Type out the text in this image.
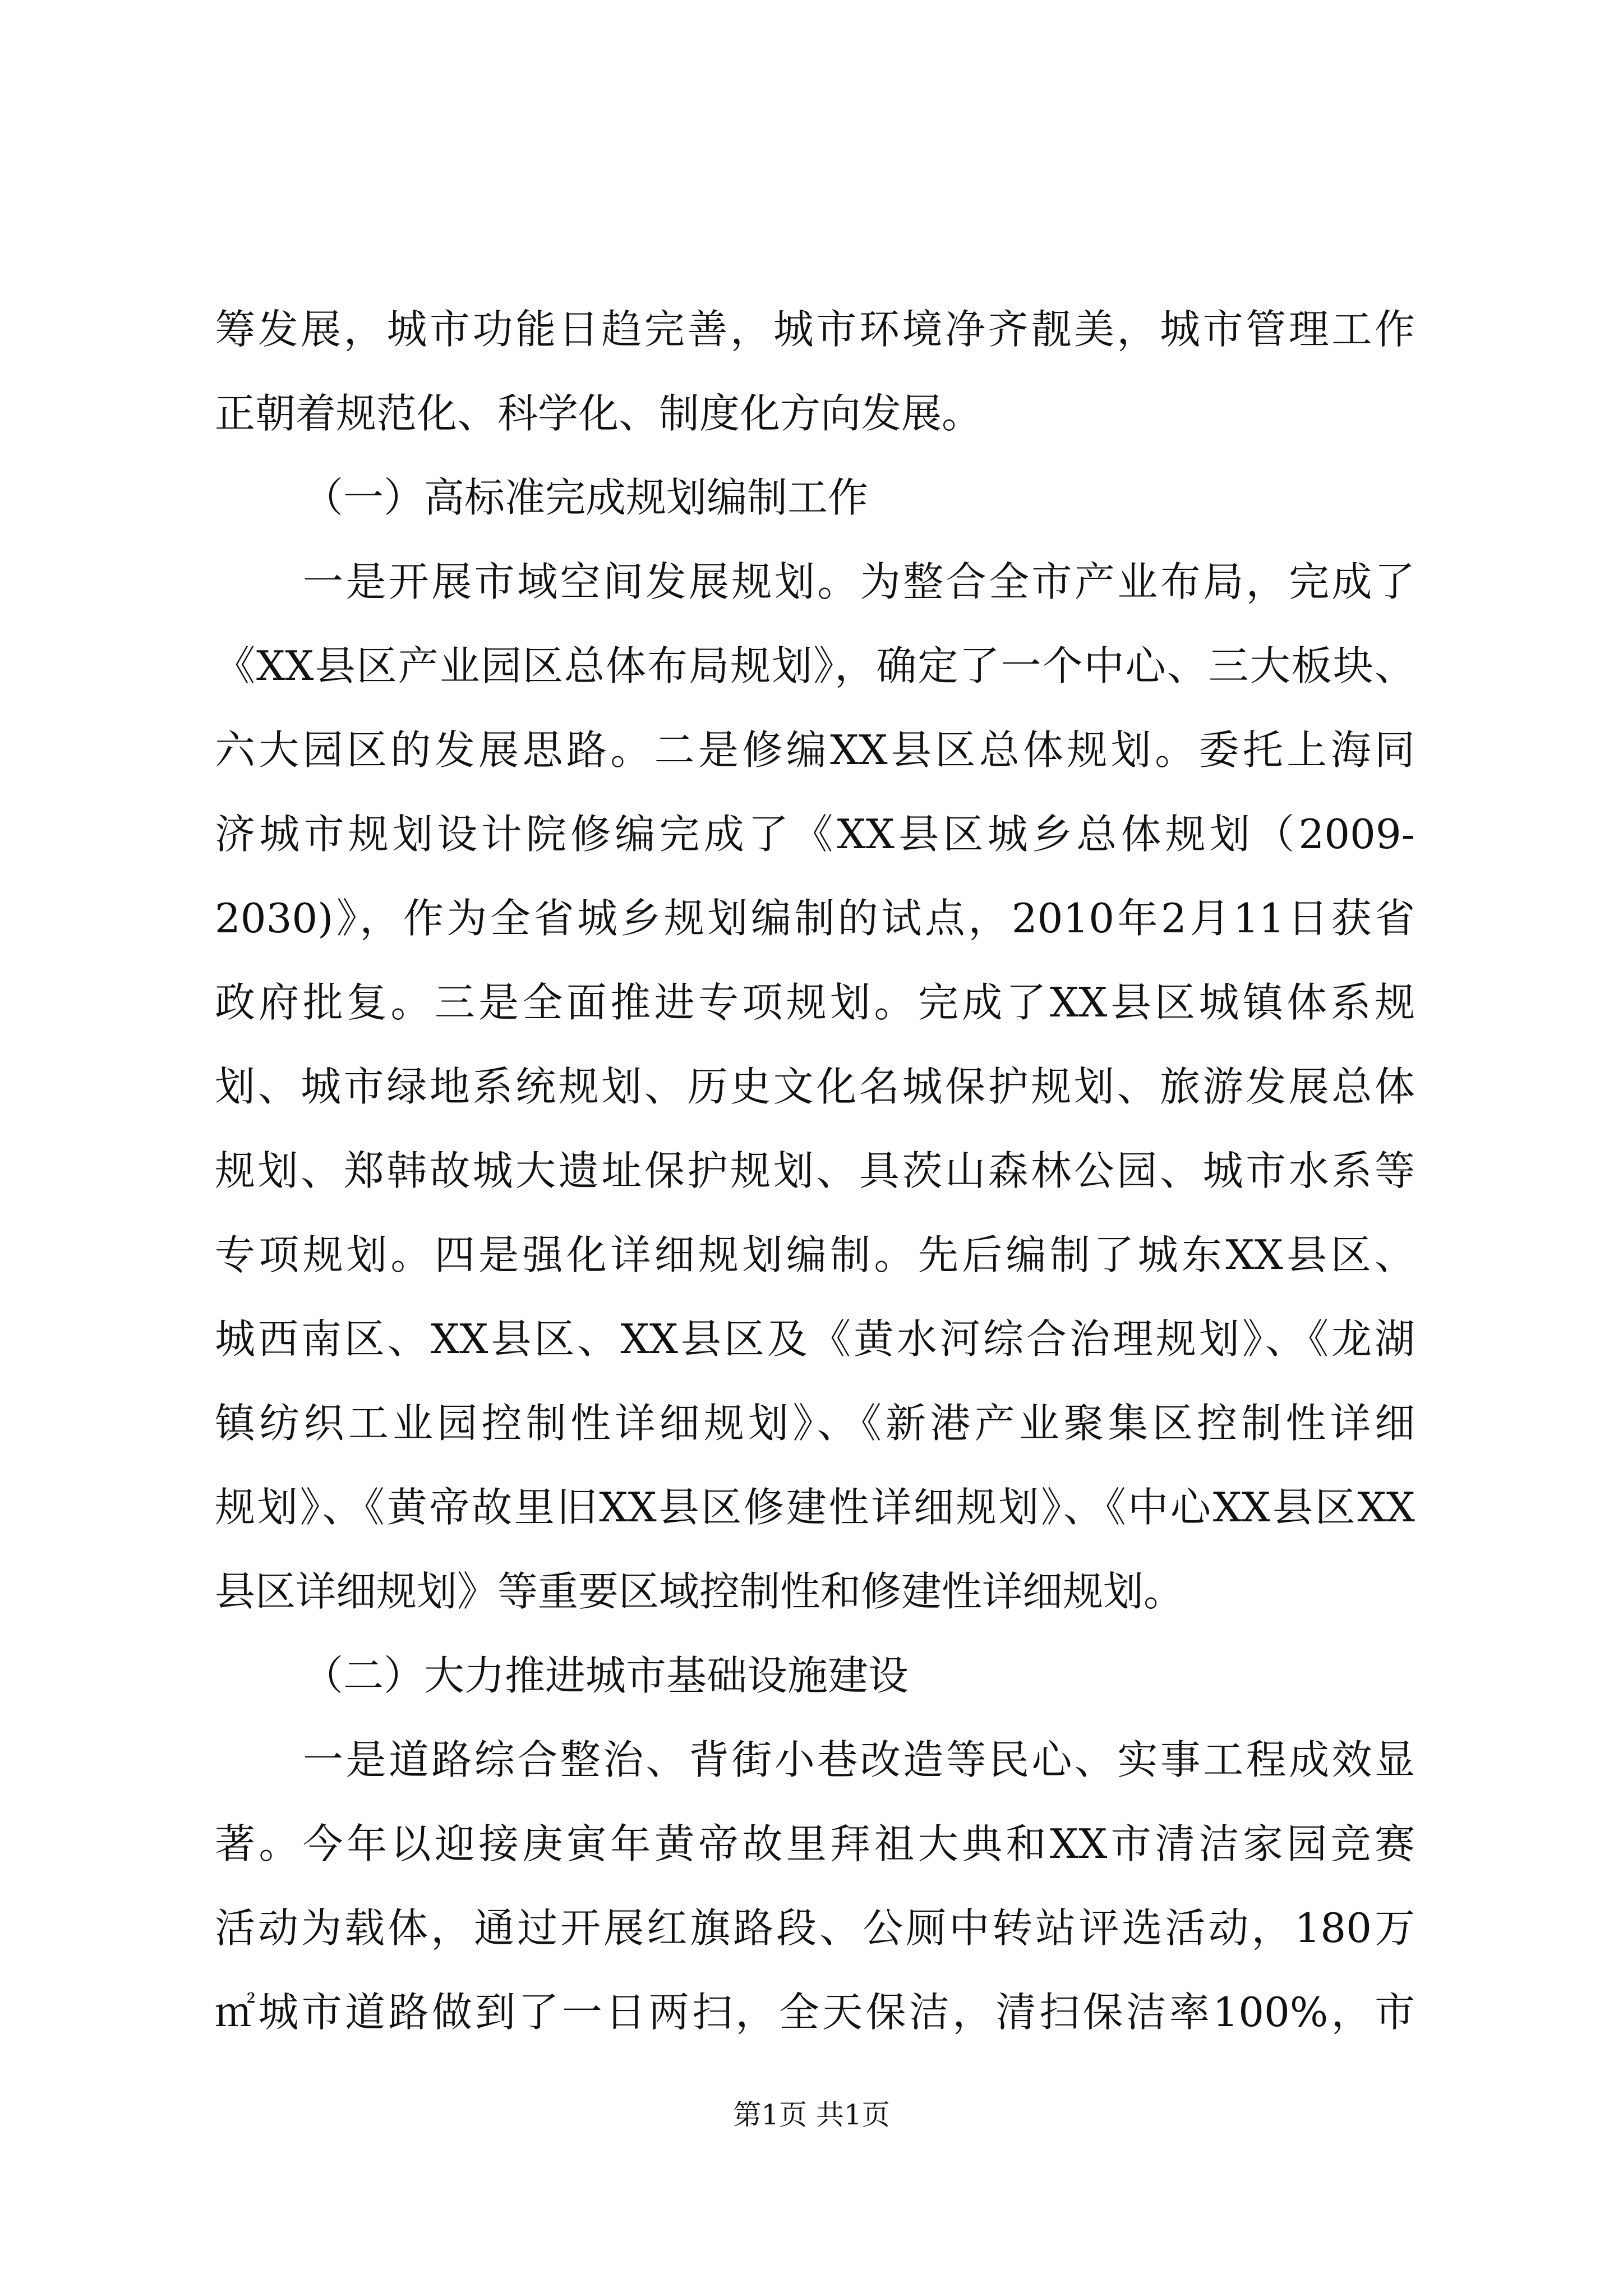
筹发展，城市功能日趋完善，城市环境净齐靓美，城市管理工作
正朝着规范化、科学化、制度化方向发展。
（一）高标准完成规划编制工作
一是开展市域空间发展规划。为整合全市产业布局，完成了
《XX县区产业园区总体布局规划》，确定了一个中心、三大板块、
六大园区的发展思路。二是修编XX县区总体规划。委托上海同
济城市规划设计院修编完成了《XX县区城乡总体规划（2009-
2030)》，作为全省城乡规划编制的试点，2010年2月11日获省
政府批复。三是全面推进专项规划。完成了XX县区城镇体系规
划、城市绿地系统规划、历史文化名城保护规划、旅游发展总体
规划、郑韩故城大遗址保护规划、具茨山森林公园、城市水系等
专项规划。四是强化详细规划编制。先后编制了城东XX县区、
城西南区、XX县区、XX县区及《黄水河综合治理规划》、《龙湖
镇纺织工业园控制性详细规划》、《新港产业聚集区控制性详细
规划》、《黄帝故里旧XX县区修建性详细规划》、《中心XX县区XX
县区详细规划》等重要区域控制性和修建性详细规划。
（二）大力推进城市基础设施建设
一是道路综合整治、背街小巷改造等民心、实事工程成效显
著。今年以迎接庚寅年黄帝故里拜祖大典和XX市清洁家园竞赛
活动为载体，通过开展红旗路段、公厕中转站评选活动，180万
㎡城市道路做到了一日两扫，全天保洁，清扫保洁率100%，市
第1页 共1页
